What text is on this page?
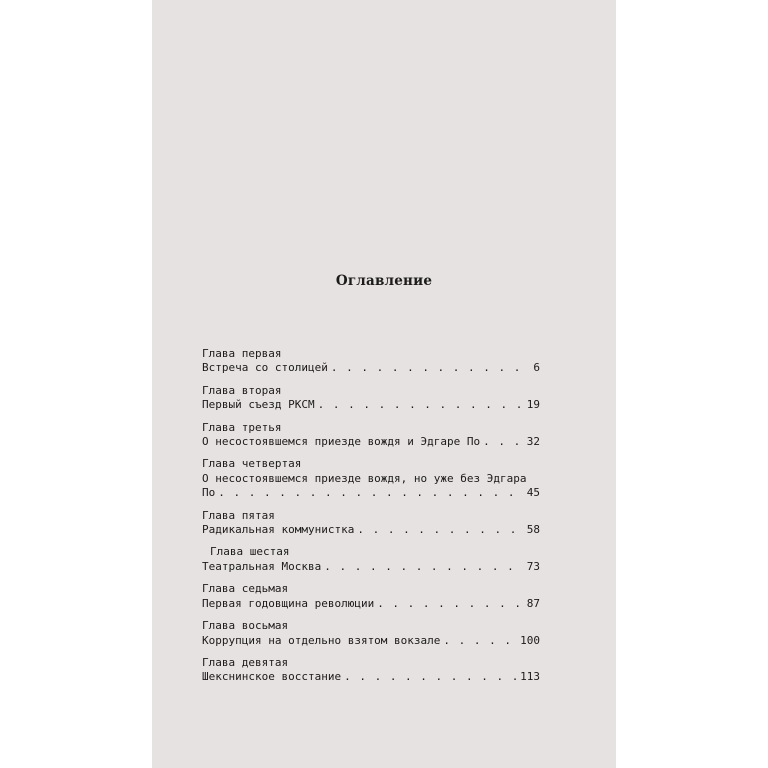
Оглавление
Глава первая
Встреча со столицей . . .	6
Глава вторая
Первый съезд РКСМ . . .	19
Глава третья
О несостоявшемся приезде вождя и Эдгаре По . . .	32
Глава четвертая
О несостоявшемся приезде вождя, но уже без Эдгара
По . . .	45
Глава пятая
Радикальная коммунистка . . .	58
Глава шестая
Театральная Москва . . .	73
Глава седьмая
Первая годовщина революции . . .	87
Глава восьмая
Коррупция на отдельно взятом вокзале . . .	100
Глава девятая
Шекснинское восстание . . .	113
